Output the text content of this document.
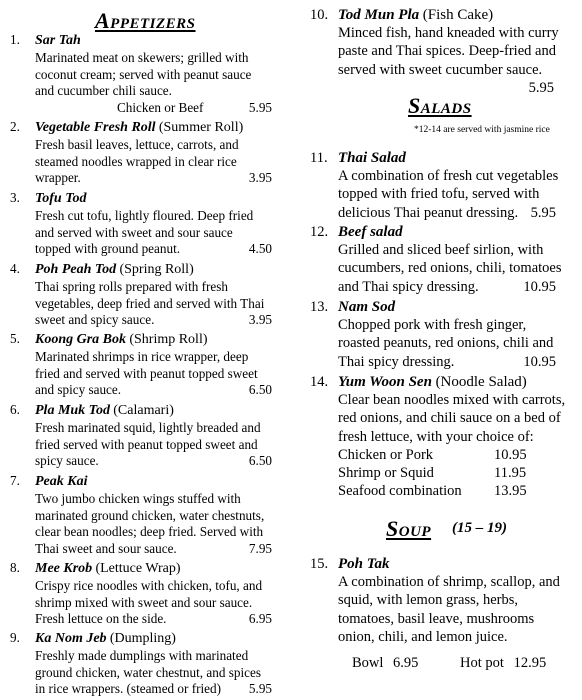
Appetizers
1. Sar Tah
Marinated meat on skewers; grilled with
coconut cream; served with peanut sauce
and cucumber chili sauce.
Chicken or Beef	5.95

2. Vegetable Fresh Roll (Summer Roll)
Fresh basil leaves, lettuce, carrots, and
steamed noodles wrapped in clear rice
wrapper.	3.95
3. Tofu Tod
Fresh cut tofu, lightly floured. Deep fried
and served with sweet and sour sauce
topped with ground peanut.	4.50
4. Poh Peah Tod (Spring Roll)
Thai spring rolls prepared with fresh
vegetables, deep fried and served with Thai
sweet and spicy sauce.	3.95
5. Koong Gra Bok (Shrimp Roll)
Marinated shrimps in rice wrapper, deep
fried and served with peanut topped sweet
and spicy sauce.	6.50
6. Pla Muk Tod (Calamari)
Fresh marinated squid, lightly breaded and
fried served with peanut topped sweet and
spicy sauce.	6.50
7. Peak Kai
Two jumbo chicken wings stuffed with
marinated ground chicken, water chestnuts,
clear bean noodles; deep fried. Served with
Thai sweet and sour sauce.	7.95
8. Mee Krob (Lettuce Wrap)
Crispy rice noodles with chicken, tofu, and
shrimp mixed with sweet and sour sauce.
Fresh lettuce on the side.	6.95
9. Ka Nom Jeb (Dumpling)
Freshly made dumplings with marinated
ground chicken, water chestnut, and spices
in rice wrappers. (steamed or fried) 5.95
10. Tod Mun Pla (Fish Cake)
Minced fish, hand kneaded with curry
paste and Thai spices. Deep-fried and
served with sweet cucumber sauce.

5.95
Salads
*12-14 are served with jasmine rice
11. Thai Salad
A combination of fresh cut vegetables
topped with fried tofu, served with
delicious Thai peanut dressing. 5.95
12. Beef salad
Grilled and sliced beef sirlion, with
cucumbers, red onions, chili, tomatoes
and Thai spicy dressing.	10.95
13. Nam Sod
Chopped pork with fresh ginger,
roasted peanuts, red onions, chili and
Thai spicy dressing.	10.95
14. Yum Woon Sen (Noodle Salad)
Clear bean noodles mixed with carrots,
red onions, and chili sauce on a bed of
fresh lettuce, with your choice of:
Chicken or Pork	10.95
Shrimp or Squid	11.95
Seafood combination 13.95
Soup (15 – 19)
15. Poh Tak
A combination of shrimp, scallop, and
squid, with lemon grass, herbs,
tomatoes, basil leave, mushrooms
onion, chili, and lemon juice.
Bowl 6.95	Hot pot 12.95
